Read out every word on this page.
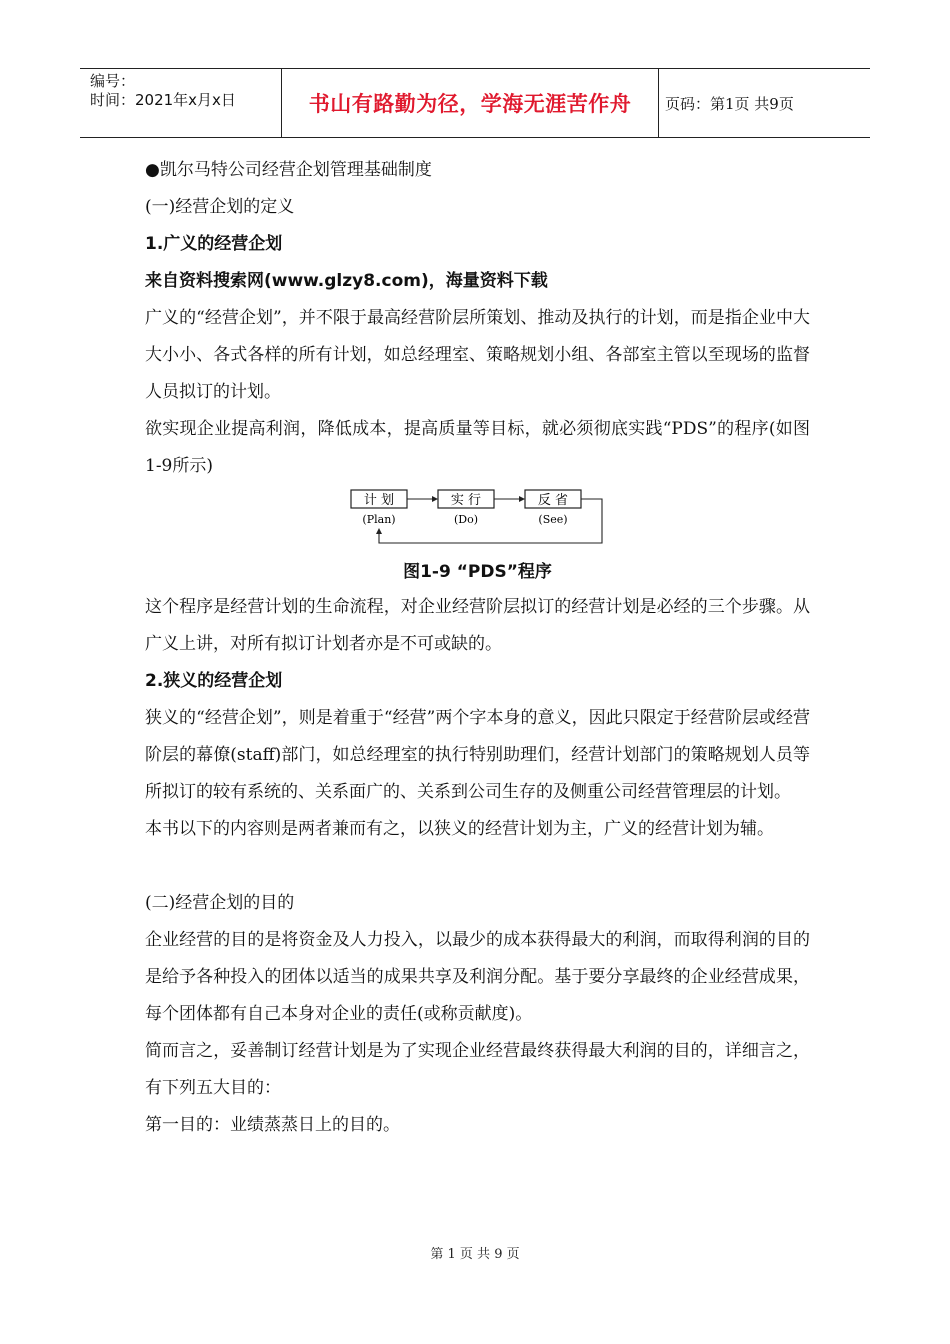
编号：
时间：2021年x月x日	书山有路勤为径，学海无涯苦作舟 页码：第1页 共9页
●凯尔马特公司经营企划管理基础制度
(一)经营企划的定义
1.广义的经营企划
来自资料搜索网(www.glzy8.com)，海量资料下载
广义的“经营企划”，并不限于最高经营阶层所策划、推动及执行的计划，而是指企业中大大小小、各式各样的所有计划，如总经理室、策略规划小组、各部室主管以至现场的监督人员拟订的计划。
欲实现企业提高利润，降低成本，提高质量等目标，就必须彻底实践“PDS”的程序(如图1-9所示)
计 划	实 行	反 省
(Plan)	(Do)	(See)
图1-9 “PDS”程序
这个程序是经营计划的生命流程，对企业经营阶层拟订的经营计划是必经的三个步骤。从广义上讲，对所有拟订计划者亦是不可或缺的。
2.狭义的经营企划
狭义的“经营企划”，则是着重于“经营”两个字本身的意义，因此只限定于经营阶层或经营阶层的幕僚(staff)部门，如总经理室的执行特别助理们，经营计划部门的策略规划人员等所拟订的较有系统的、关系面广的、关系到公司生存的及侧重公司经营管理层的计划。
本书以下的内容则是两者兼而有之，以狭义的经营计划为主，广义的经营计划为辅。
(二)经营企划的目的
企业经营的目的是将资金及人力投入，以最少的成本获得最大的利润，而取得利润的目的是给予各种投入的团体以适当的成果共享及利润分配。基于要分享最终的企业经营成果，每个团体都有自己本身对企业的责任(或称贡献度)。
简而言之，妥善制订经营计划是为了实现企业经营最终获得最大利润的目的，详细言之，有下列五大目的：
第一目的：业绩蒸蒸日上的目的。
第 1 页 共 9 页
